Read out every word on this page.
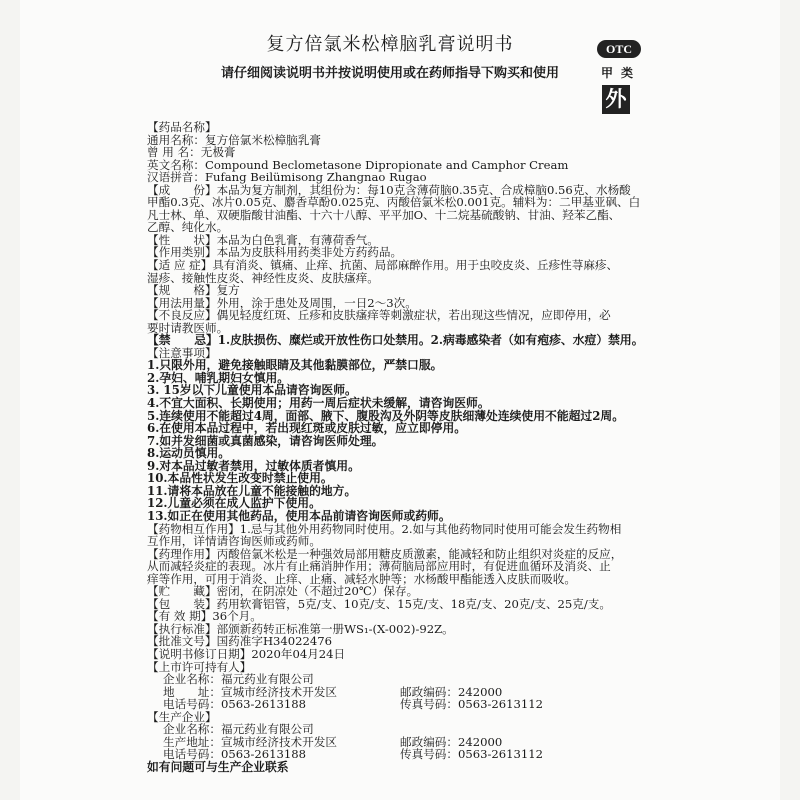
复方倍氯米松樟脑乳膏说明书
请仔细阅读说明书并按说明使用或在药师指导下购买和使用
OTC
甲类
外
【药品名称】
通用名称：复方倍氯米松樟脑乳膏
曾 用 名：无极膏
英文名称：Compound Beclometasone Dipropionate and Camphor Cream
汉语拼音：Fufang Beilümisong Zhangnao Rugao
【成　　份】本品为复方制剂，其组份为：每10克含薄荷脑0.35克、合成樟脑0.56克、水杨酸
甲酯0.3克、冰片0.05克、麝香草酚0.025克、丙酸倍氯米松0.001克。辅料为：二甲基亚砜、白
凡士林、单、双硬脂酸甘油酯、十六十八醇、平平加O、十二烷基硫酸钠、甘油、羟苯乙酯、
乙醇、纯化水。
【性　　状】本品为白色乳膏，有薄荷香气。
【作用类别】本品为皮肤科用药类非处方药药品。
【适 应 症】具有消炎、镇痛、止痒、抗菌、局部麻醉作用。用于虫咬皮炎、丘疹性荨麻疹、
湿疹、接触性皮炎、神经性皮炎、皮肤瘙痒。
【规　　格】复方
【用法用量】外用，涂于患处及周围，一日2～3次。
【不良反应】偶见轻度红斑、丘疹和皮肤瘙痒等刺激症状，若出现这些情况，应即停用，必
要时请教医师。
【禁　　忌】1.皮肤损伤、糜烂或开放性伤口处禁用。2.病毒感染者（如有疱疹、水痘）禁用。
【注意事项】
1.只限外用，避免接触眼睛及其他黏膜部位，严禁口服。
2.孕妇、哺乳期妇女慎用。
3. 15岁以下儿童使用本品请咨询医师。
4.不宜大面积、长期使用；用药一周后症状未缓解，请咨询医师。
5.连续使用不能超过4周，面部、腋下、腹股沟及外阴等皮肤细薄处连续使用不能超过2周。
6.在使用本品过程中，若出现红斑或皮肤过敏，应立即停用。
7.如并发细菌或真菌感染，请咨询医师处理。
8.运动员慎用。
9.对本品过敏者禁用，过敏体质者慎用。
10.本品性状发生改变时禁止使用。
11.请将本品放在儿童不能接触的地方。
12.儿童必须在成人监护下使用。
13.如正在使用其他药品，使用本品前请咨询医师或药师。
【药物相互作用】1.忌与其他外用药物同时使用。2.如与其他药物同时使用可能会发生药物相
互作用，详情请咨询医师或药师。
【药理作用】丙酸倍氯米松是一种强效局部用糖皮质激素，能减轻和防止组织对炎症的反应，
从而减轻炎症的表现。冰片有止痛消肿作用；薄荷脑局部应用时，有促进血循环及消炎、止
痒等作用，可用于消炎、止痒、止痛、减轻水肿等；水杨酸甲酯能透入皮肤而吸收。
【贮　　藏】密闭，在阴凉处（不超过20℃）保存。
【包　　装】药用软膏铝管，5克/支、10克/支、15克/支、18克/支、20克/支、25克/支。
【有 效 期】36个月。
【执行标准】部颁新药转正标准第一册WS₁-(X-002)-92Z。
【批准文号】国药准字H34022476
【说明书修订日期】2020年04月24日
【上市许可持有人】
企业名称：福元药业有限公司
地　　址：宣城市经济技术开发区	邮政编码：242000
电话号码：0563-2613188	传真号码：0563-2613112
【生产企业】
企业名称：福元药业有限公司
生产地址：宣城市经济技术开发区	邮政编码：242000
电话号码：0563-2613188	传真号码：0563-2613112
如有问题可与生产企业联系
